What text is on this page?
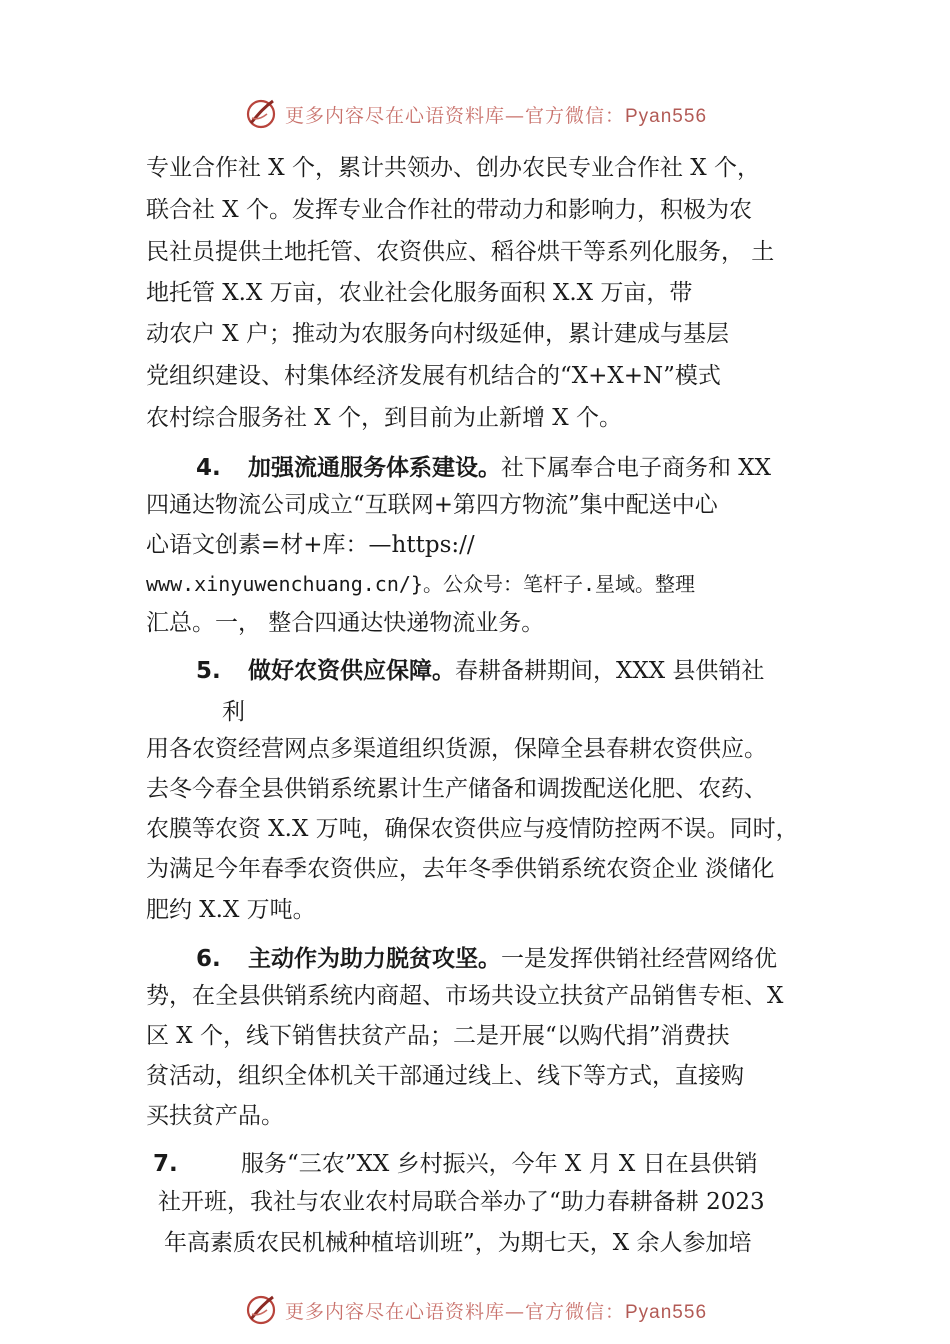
更多内容尽在心语资料库—官方微信：Pyan556
专业合作社 X 个，累计共领办、创办农民专业合作社 X 个，
联合社 X 个。发挥专业合作社的带动力和影响力，积极为农
民社员提供土地托管、农资供应、稻谷烘干等系列化服务， 土
地托管 X.X 万亩，农业社会化服务面积 X.X 万亩，带
动农户 X 户；推动为农服务向村级延伸，累计建成与基层
党组织建设、村集体经济发展有机结合的“X+X+N”模式
农村综合服务社 X 个，到目前为止新增 X 个。
4. 加强流通服务体系建设。社下属奉合电子商务和 XX
四通达物流公司成立“互联网+第四方物流”集中配送中心
心语文创素=材+库：—https://
www.xinyuwenchuang.cn/}。公众号：笔杆子.星域。整理
汇总。一， 整合四通达快递物流业务。
5. 做好农资供应保障。春耕备耕期间，XXX 县供销社
利
用各农资经营网点多渠道组织货源，保障全县春耕农资供应。
去冬今春全县供销系统累计生产储备和调拨配送化肥、农药、
农膜等农资 X.X 万吨，确保农资供应与疫情防控两不误。同时，
为满足今年春季农资供应，去年冬季供销系统农资企业 淡储化
肥约 X.X 万吨。
6. 主动作为助力脱贫攻坚。一是发挥供销社经营网络优
势，在全县供销系统内商超、市场共设立扶贫产品销售专柜、X
区 X 个，线下销售扶贫产品；二是开展“以购代捐”消费扶
贫活动，组织全体机关干部通过线上、线下等方式，直接购
买扶贫产品。
7.	服务“三农”XX 乡村振兴，今年 X 月 X 日在县供销
社开班，我社与农业农村局联合举办了“助力春耕备耕 2023
年高素质农民机械种植培训班”，为期七天，X 余人参加培
更多内容尽在心语资料库—官方微信：Pyan556
